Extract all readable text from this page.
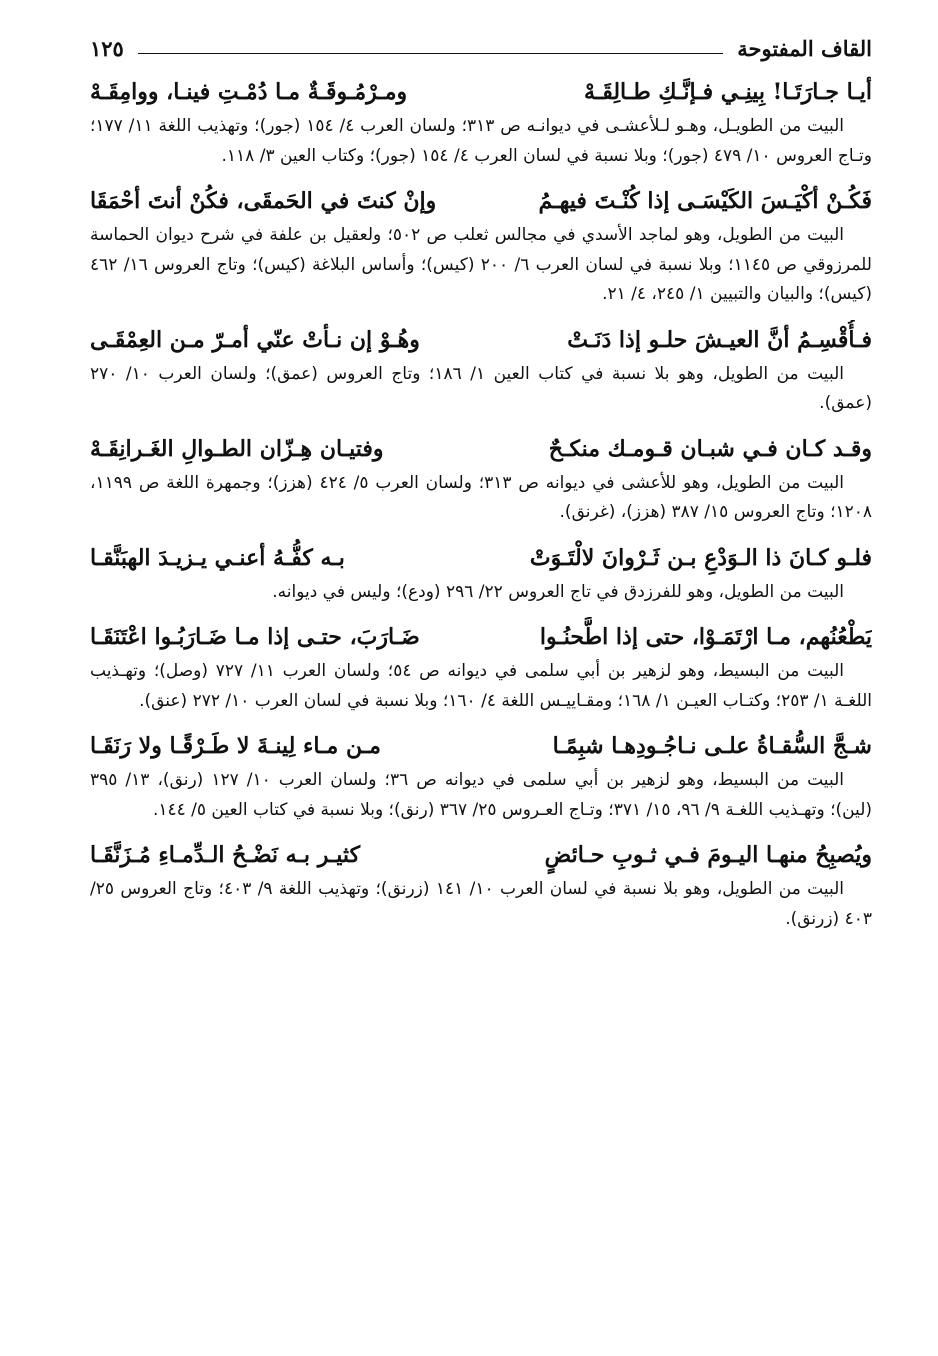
القاف المفتوحة
١٢٥
أيـا جـارَتَـا! بِينِـي فـإنَّـكِ طـالِقَـهْ
ومـرْمُـوقَـةٌ مـا دُمْـتِ فينـا، ووامِقَـهْ

البيت من الطويـل، وهـو لـلأعشـى في ديوانـه ص ٣١٣؛ ولسان العرب ٤/ ١٥٤ (جور)؛ وتهذيب اللغة ١١/ ١٧٧؛ وتـاج العروس ١٠/ ٤٧٩ (جور)؛ وبلا نسبة في لسان العرب ٤/ ١٥٤ (جور)؛ وكتاب العين ٣/ ١١٨.

فَكُـنْ أكْيَـسَ الكَيْسَـى إذا كُنْـتَ فيهـمُ
وإنْ كنتَ في الحَمقَى، فكُنْ أنتَ أحْمَقَا

البيت من الطويل، وهو لماجد الأسدي في مجالس ثعلب ص ٥٠٢؛ ولعقيل بن علفة في شرح ديوان الحماسة للمرزوقي ص ١١٤٥؛ وبلا نسبة في لسان العرب ٦/ ٢٠٠ (كيس)؛ وأساس البلاغة (كيس)؛ وتاج العروس ١٦/ ٤٦٢ (كيس)؛ والبيان والتبيين ١/ ٢٤٥، ٤/ ٢١.

فـأُقْسِـمُ أنَّ العيـشَ حلـو إذا دَنَـتْ
وهُـوْ إن نـأتْ عنّي أمـرّ مـن العِمْقَـى

البيت من الطويل، وهو بلا نسبة في كتاب العين ١/ ١٨٦؛ وتاج العروس (عمق)؛ ولسان العرب ١٠/ ٢٧٠ (عمق).

وقـد كـان فـي شبـان قـومـك منكـحٌ
وفتيـان هِـزّان الطـوالِ الغَـرانِقَـهْ

البيت من الطويل، وهو للأعشى في ديوانه ص ٣١٣؛ ولسان العرب ٥/ ٤٢٤ (هزز)؛ وجمهرة اللغة ص ١١٩٩، ١٢٠٨؛ وتاج العروس ١٥/ ٣٨٧ (هزز)، (غرنق).

فلـو كـانَ ذا الـوَدْعِ بـن ثَـرْوانَ لالْتَـوَتْ
بـه كفُّـهُ أعنـي يـزيـدَ الهبَنَّقـا

البيت من الطويل، وهو للفرزدق في تاج العروس ٢٢/ ٢٩٦ (ودع)؛ وليس في ديوانه.

يَطْعُنُهم، مـا ارْتَمَـوْا، حتى إذا اطَّحنُـوا
ضَـارَبَ، حتـى إذا مـا ضَـارَبُـوا اعْتَنَقَـا

البيت من البسيط، وهو لزهير بن أبي سلمى في ديوانه ص ٥٤؛ ولسان العرب ١١/ ٧٢٧ (وصل)؛ وتهـذيب اللغـة ١/ ٢٥٣؛ وكتـاب العيـن ١/ ١٦٨؛ ومقـاييـس اللغة ٤/ ١٦٠؛ وبلا نسبة في لسان العرب ١٠/ ٢٧٢ (عنق).

شـجَّ السُّقـاةُ علـى نـاجُـودِهـا شبِمًـا
مـن مـاء لِينـةَ لا طَـرْقًـا ولا رَنَقَـا

البيت من البسيط، وهو لزهير بن أبي سلمى في ديوانه ص ٣٦؛ ولسان العرب ١٠/ ١٢٧ (رنق)، ١٣/ ٣٩٥ (لين)؛ وتهـذيب اللغـة ٩/ ٩٦، ١٥/ ٣٧١؛ وتـاج العـروس ٢٥/ ٣٦٧ (رنق)؛ وبلا نسبة في كتاب العين ٥/ ١٤٤.

ويُصبِحُ منهـا اليـومَ فـي ثـوبِ حـائضٍ
كثيـر بـه نَضْـحُ الـدِّمـاءِ مُـزَنَّقَـا

البيت من الطويل، وهو بلا نسبة في لسان العرب ١٠/ ١٤١ (زرنق)؛ وتهذيب اللغة ٩/ ٤٠٣؛ وتاج العروس ٢٥/ ٤٠٣ (زرنق).
